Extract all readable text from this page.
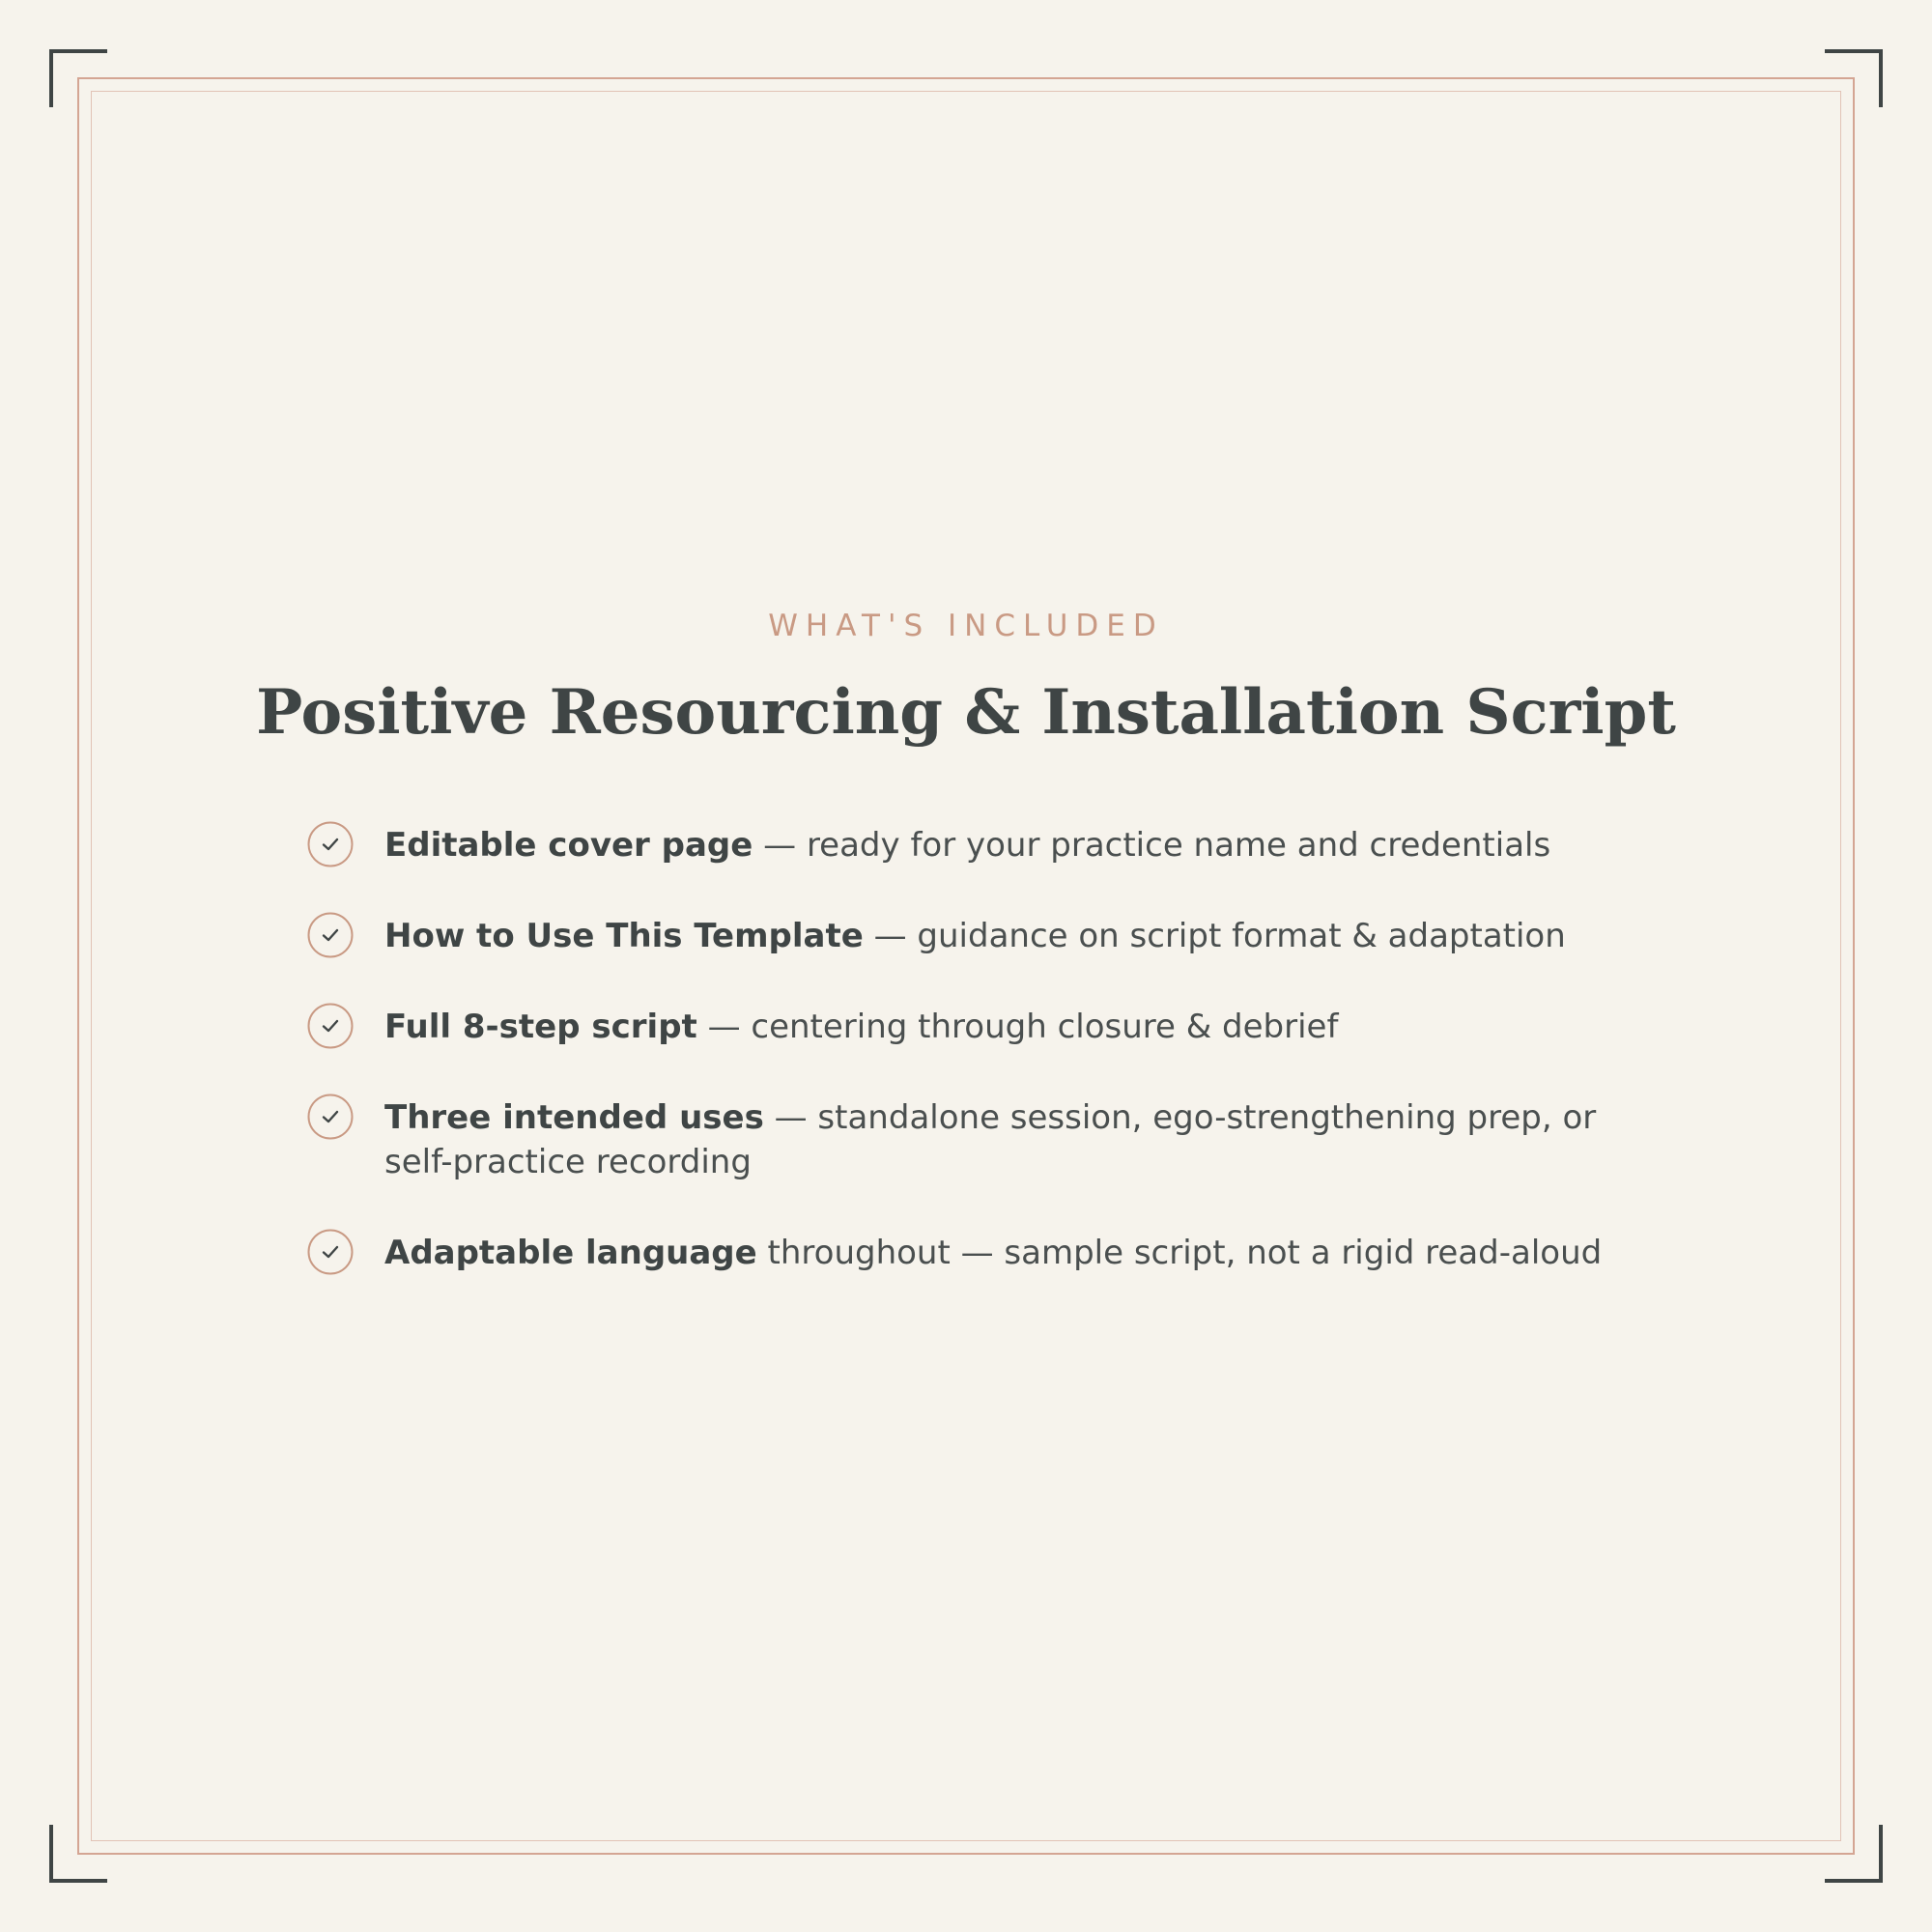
WHAT'S INCLUDED

Positive Resourcing & Installation Script
Editable cover page — ready for your practice name and credentials
How to Use This Template — guidance on script format & adaptation
Full 8-step script — centering through closure & debrief
Three intended uses — standalone session, ego-strengthening prep, or self-practice recording
Adaptable language throughout — sample script, not a rigid read-aloud
